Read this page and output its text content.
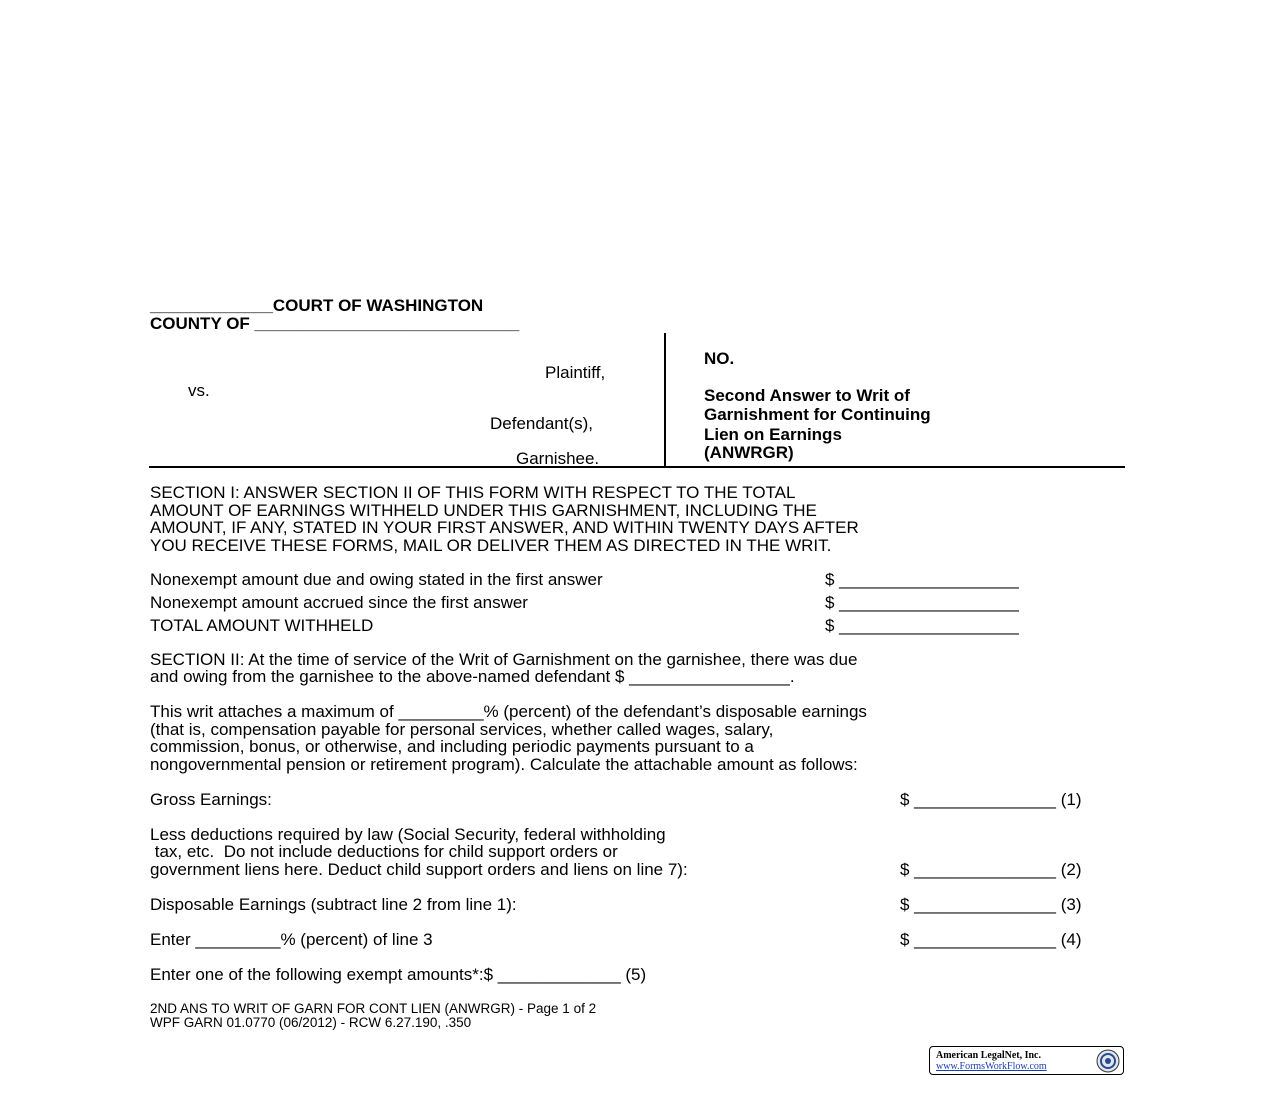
_____________COURT OF WASHINGTON
COUNTY OF ____________________________
Plaintiff,
vs.
Defendant(s),
Garnishee.
NO.
Second Answer to Writ of
Garnishment for Continuing
Lien on Earnings
(ANWRGR)
SECTION I: ANSWER SECTION II OF THIS FORM WITH RESPECT TO THE TOTAL
AMOUNT OF EARNINGS WITHHELD UNDER THIS GARNISHMENT, INCLUDING THE
AMOUNT, IF ANY, STATED IN YOUR FIRST ANSWER, AND WITHIN TWENTY DAYS AFTER
YOU RECEIVE THESE FORMS, MAIL OR DELIVER THEM AS DIRECTED IN THE WRIT.
Nonexempt amount due and owing stated in the first answer	$ ___________________
Nonexempt amount accrued since the first answer	$ ___________________
TOTAL AMOUNT WITHHELD	$ ___________________
SECTION II: At the time of service of the Writ of Garnishment on the garnishee, there was due
and owing from the garnishee to the above-named defendant $ _________________.
This writ attaches a maximum of _________% (percent) of the defendant’s disposable earnings
(that is, compensation payable for personal services, whether called wages, salary,
commission, bonus, or otherwise, and including periodic payments pursuant to a
nongovernmental pension or retirement program). Calculate the attachable amount as follows:
Gross Earnings:	$ _______________ (1)
Less deductions required by law (Social Security, federal withholding
tax, etc.  Do not include deductions for child support orders or
government liens here. Deduct child support orders and liens on line 7):	$ _______________ (2)
Disposable Earnings (subtract line 2 from line 1):	$ _______________ (3)
Enter _________% (percent) of line 3	$ _______________ (4)
Enter one of the following exempt amounts*:$ _____________ (5)
2ND ANS TO WRIT OF GARN FOR CONT LIEN (ANWRGR) - Page 1 of 2
WPF GARN 01.0770 (06/2012) - RCW 6.27.190, .350
American LegalNet, Inc.
www.FormsWorkFlow.com
